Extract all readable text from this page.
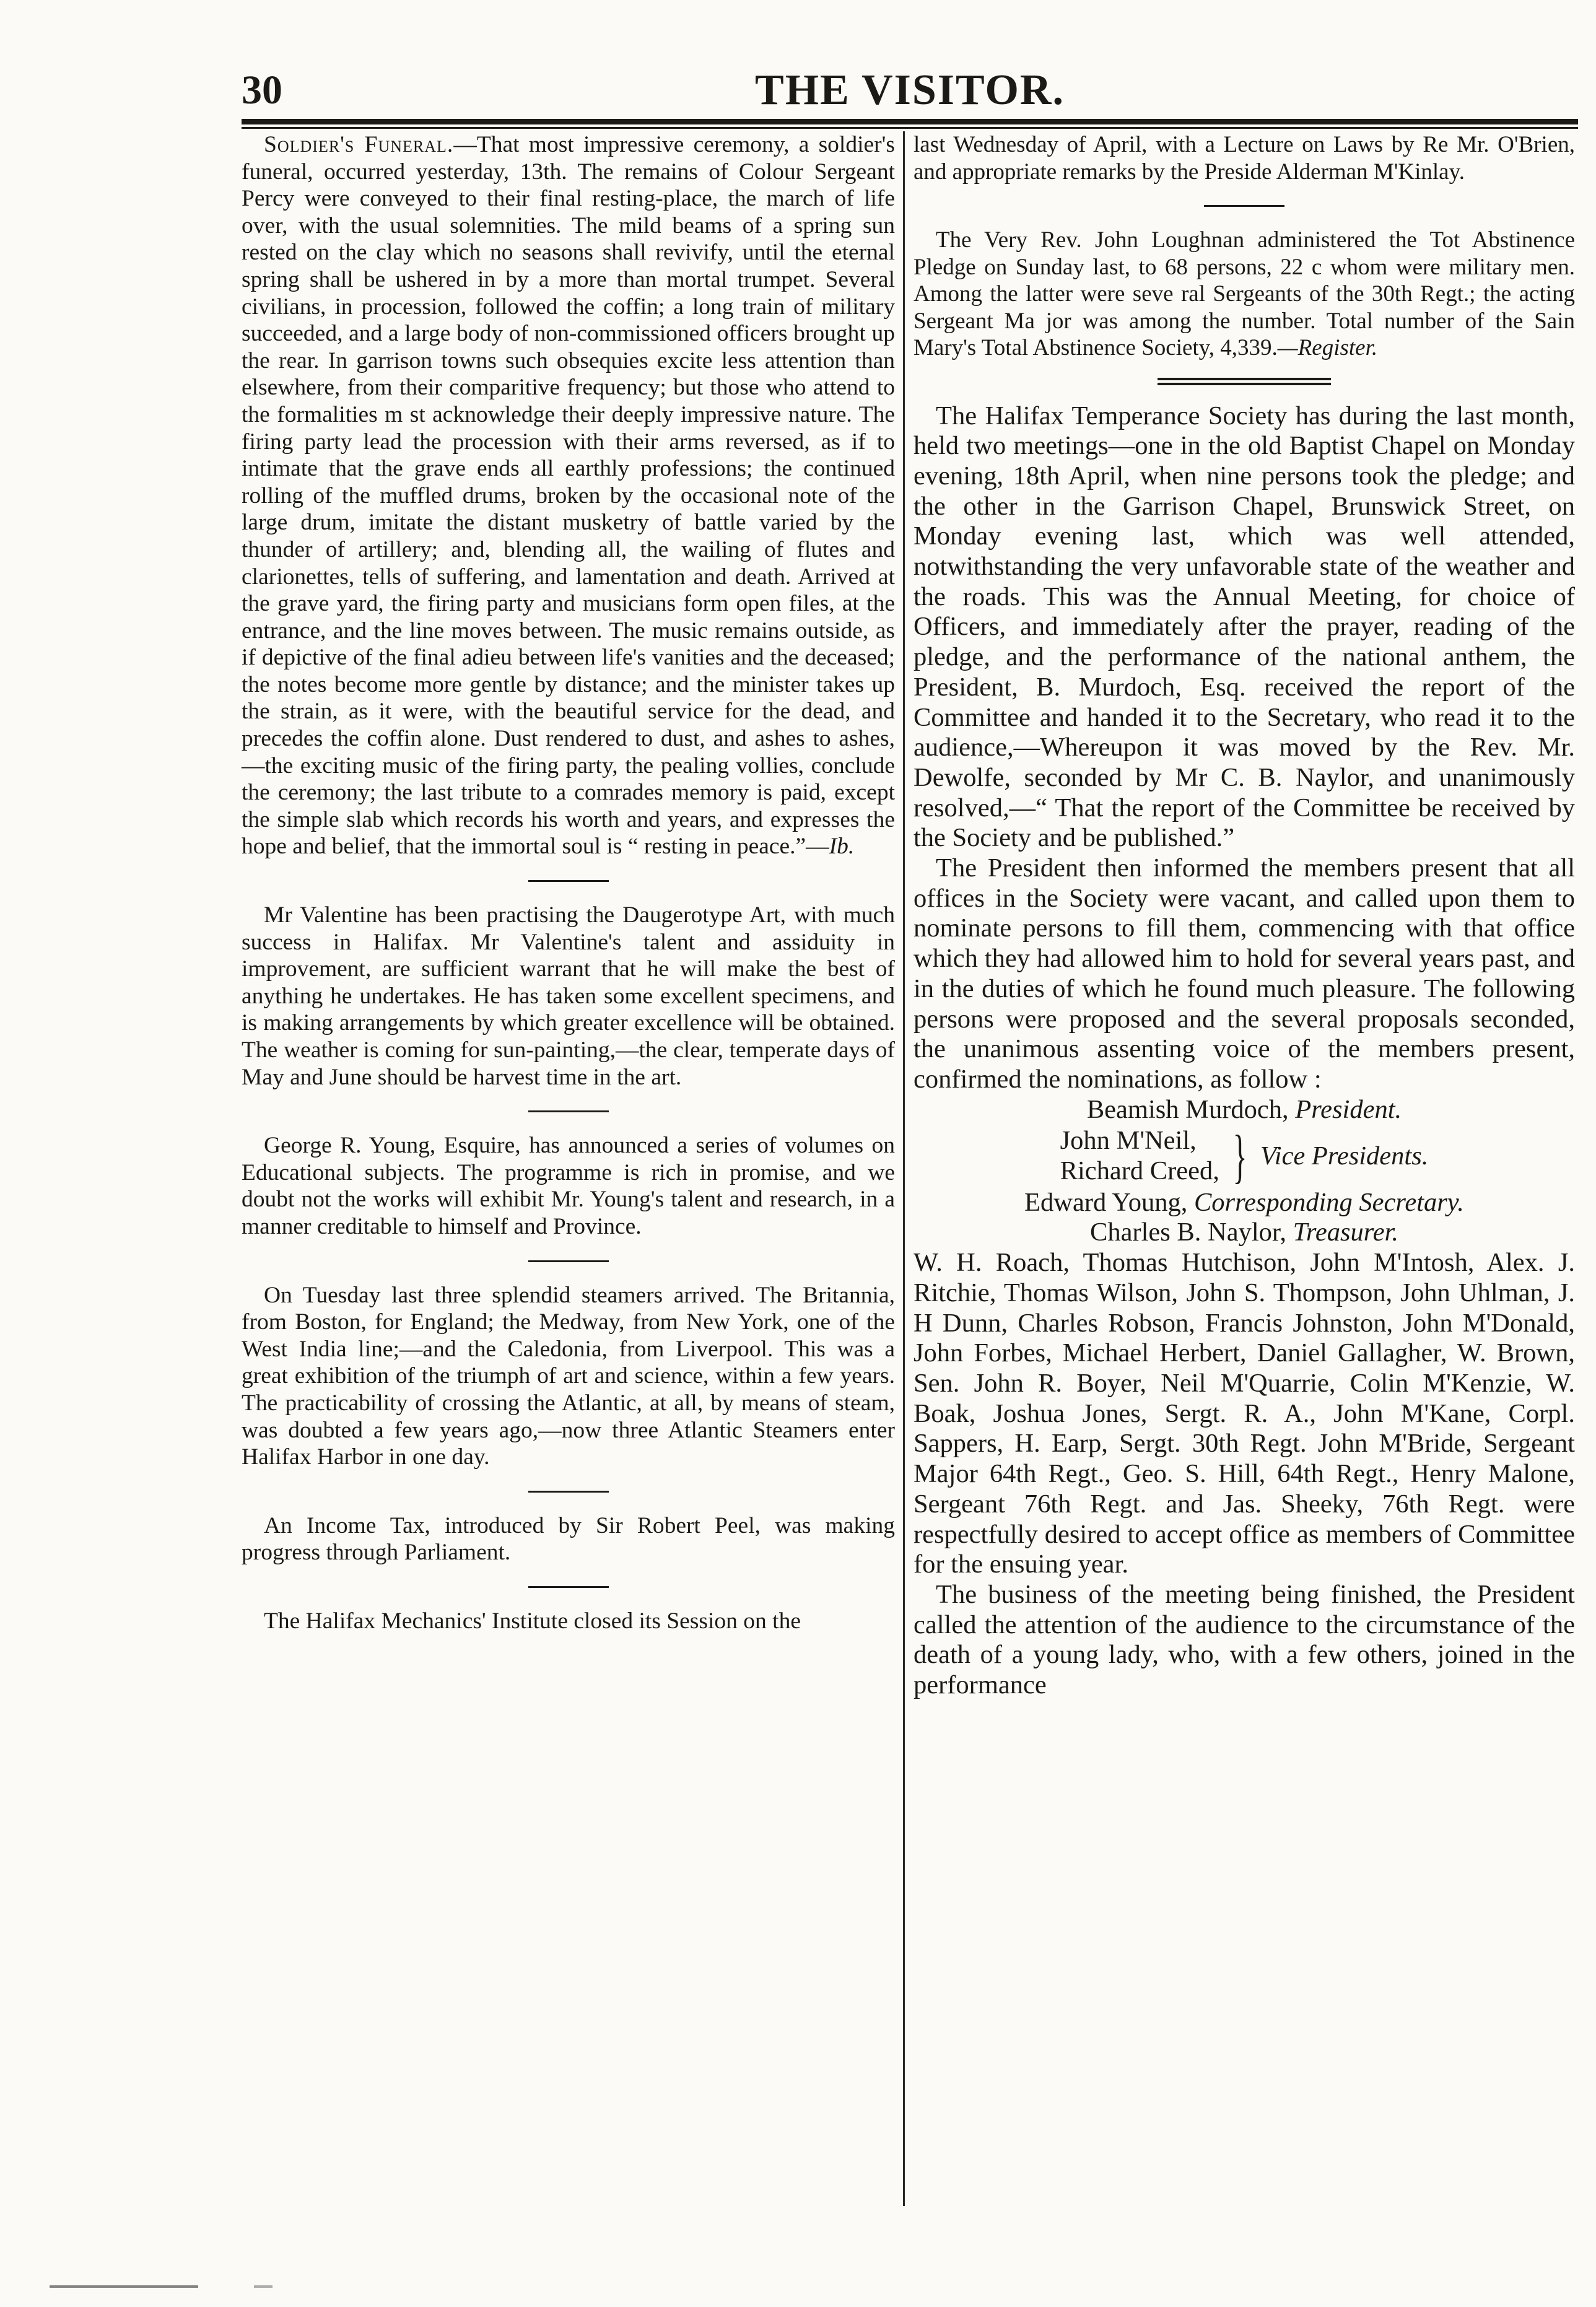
30	THE VISITOR.

Soldier's Funeral.—That most impressive ceremony, a soldier's funeral, occurred yesterday, 13th. The remains of Colour Sergeant Percy were conveyed to their final resting-place, the march of life over, with the usual solemnities. The mild beams of a spring sun rested on the clay which no seasons shall revivify, until the eternal spring shall be ushered in by a more than mortal trumpet. Several civilians, in procession, followed the coffin; a long train of military succeeded, and a large body of non-commissioned officers brought up the rear. In garrison towns such obsequies excite less attention than elsewhere, from their comparitive frequency; but those who attend to the formalities m st acknowledge their deeply impressive nature. The firing party lead the procession with their arms reversed, as if to intimate that the grave ends all earthly professions; the continued rolling of the muffled drums, broken by the occasional note of the large drum, imitate the distant musketry of battle varied by the thunder of artillery; and, blending all, the wailing of flutes and clarionettes, tells of suffering, and lamentation and death. Arrived at the grave yard, the firing party and musicians form open files, at the entrance, and the line moves between. The music remains outside, as if depictive of the final adieu between life's vanities and the deceased; the notes become more gentle by distance; and the minister takes up the strain, as it were, with the beautiful service for the dead, and precedes the coffin alone. Dust rendered to dust, and ashes to ashes,—the exciting music of the firing party, the pealing vollies, conclude the ceremony; the last tribute to a comrades memory is paid, except the simple slab which records his worth and years, and expresses the hope and belief, that the immortal soul is “ resting in peace.”—Ib.

Mr Valentine has been practising the Daugerotype Art, with much success in Halifax. Mr Valentine's talent and assiduity in improvement, are sufficient warrant that he will make the best of anything he undertakes. He has taken some excellent specimens, and is making arrangements by which greater excellence will be obtained. The weather is coming for sun-painting,—the clear, temperate days of May and June should be harvest time in the art.

George R. Young, Esquire, has announced a series of volumes on Educational subjects. The programme is rich in promise, and we doubt not the works will exhibit Mr. Young's talent and research, in a manner creditable to himself and Province.

On Tuesday last three splendid steamers arrived. The Britannia, from Boston, for England; the Medway, from New York, one of the West India line;—and the Caledonia, from Liverpool. This was a great exhibition of the triumph of art and science, within a few years. The practicability of crossing the Atlantic, at all, by means of steam, was doubted a few years ago,—now three Atlantic Steamers enter Halifax Harbor in one day.

An Income Tax, introduced by Sir Robert Peel, was making progress through Parliament.

The Halifax Mechanics' Institute closed its Session on the

last Wednesday of April, with a Lecture on Laws by Re Mr. O'Brien, and appropriate remarks by the Preside Alderman M'Kinlay.

The Very Rev. John Loughnan administered the Tot Abstinence Pledge on Sunday last, to 68 persons, 22 c whom were military men. Among the latter were seve ral Sergeants of the 30th Regt.; the acting Sergeant Ma jor was among the number. Total number of the Sain Mary's Total Abstinence Society, 4,339.—Register.

The Halifax Temperance Society has during the last month, held two meetings—one in the old Baptist Chapel on Monday evening, 18th April, when nine persons took the pledge; and the other in the Garrison Chapel, Brunswick Street, on Monday evening last, which was well attended, notwithstanding the very unfavorable state of the weather and the roads. This was the Annual Meeting, for choice of Officers, and immediately after the prayer, reading of the pledge, and the performance of the national anthem, the President, B. Murdoch, Esq. received the report of the Committee and handed it to the Secretary, who read it to the audience,—Whereupon it was moved by the Rev. Mr. Dewolfe, seconded by Mr C. B. Naylor, and unanimously resolved,—“ That the report of the Committee be received by the Society and be published.”

The President then informed the members present that all offices in the Society were vacant, and called upon them to nominate persons to fill them, commencing with that office which they had allowed him to hold for several years past, and in the duties of which he found much pleasure. The following persons were proposed and the several proposals seconded, the unanimous assenting voice of the members present, confirmed the nominations, as follow :

Beamish Murdoch, President.
John M'Neil,
Richard Creed, } Vice Presidents.
Edward Young, Corresponding Secretary.
Charles B. Naylor, Treasurer.

W. H. Roach, Thomas Hutchison, John M'Intosh, Alex. J. Ritchie, Thomas Wilson, John S. Thompson, John Uhlman, J. H Dunn, Charles Robson, Francis Johnston, John M'Donald, John Forbes, Michael Herbert, Daniel Gallagher, W. Brown, Sen. John R. Boyer, Neil M'Quarrie, Colin M'Kenzie, W. Boak, Joshua Jones, Sergt. R. A., John M'Kane, Corpl. Sappers, H. Earp, Sergt. 30th Regt. John M'Bride, Sergeant Major 64th Regt., Geo. S. Hill, 64th Regt., Henry Malone, Sergeant 76th Regt. and Jas. Sheeky, 76th Regt. were respectfully desired to accept office as members of Committee for the ensuing year.

The business of the meeting being finished, the President called the attention of the audience to the circumstance of the death of a young lady, who, with a few others, joined in the performance
